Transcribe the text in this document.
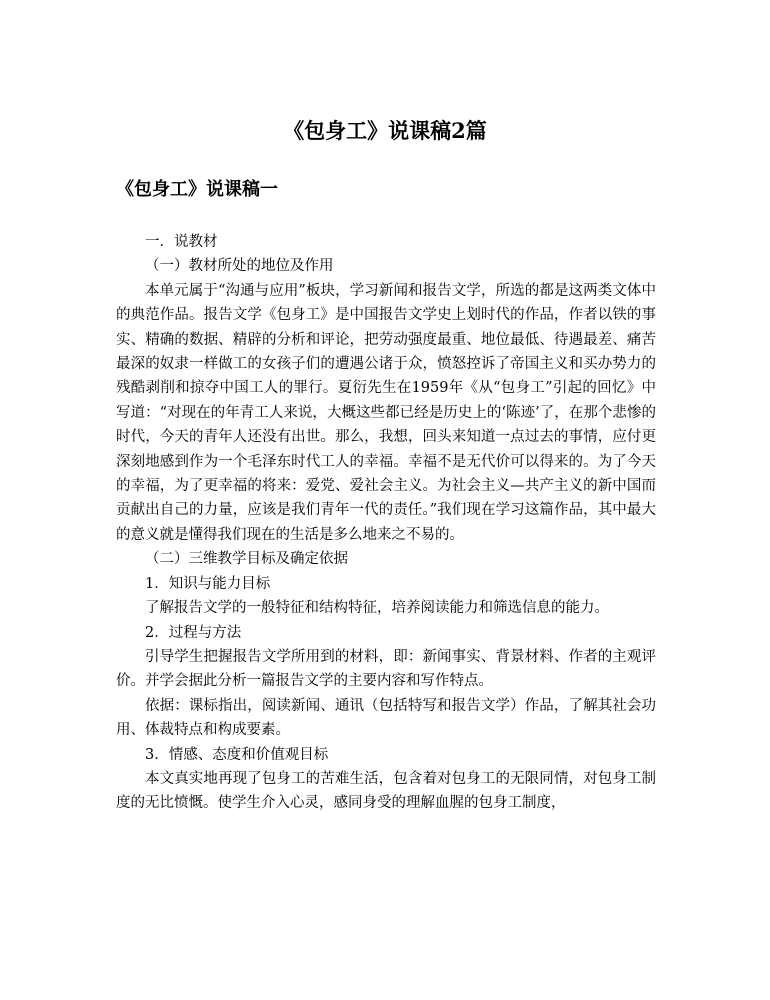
《包身工》说课稿2篇
《包身工》说课稿一

一．说教材

（一）教材所处的地位及作用

本单元属于“沟通与应用”板块，学习新闻和报告文学，所选的都是这两类文体中的典范作品。报告文学《包身工》是中国报告文学史上划时代的作品，作者以铁的事实、精确的数据、精辟的分析和评论，把劳动强度最重、地位最低、待遇最差、痛苦最深的奴隶一样做工的女孩子们的遭遇公诸于众，愤怒控诉了帝国主义和买办势力的残酷剥削和掠夺中国工人的罪行。夏衍先生在1959年《从“包身工”引起的回忆》中写道：“对现在的年青工人来说，大概这些都已经是历史上的‘陈迹’了，在那个悲惨的时代，今天的青年人还没有出世。那么，我想，回头来知道一点过去的事情，应付更深刻地感到作为一个毛泽东时代工人的幸福。幸福不是无代价可以得来的。为了今天的幸福，为了更幸福的将来：爱党、爱社会主义。为社会主义—共产主义的新中国而贡献出自己的力量，应该是我们青年一代的责任。”我们现在学习这篇作品，其中最大的意义就是懂得我们现在的生活是多么地来之不易的。

（二）三维教学目标及确定依据

1．知识与能力目标

了解报告文学的一般特征和结构特征，培养阅读能力和筛选信息的能力。

2．过程与方法

引导学生把握报告文学所用到的材料，即：新闻事实、背景材料、作者的主观评价。并学会据此分析一篇报告文学的主要内容和写作特点。

依据：课标指出，阅读新闻、通讯（包括特写和报告文学）作品，了解其社会功用、体裁特点和构成要素。

3．情感、态度和价值观目标

本文真实地再现了包身工的苦难生活，包含着对包身工的无限同情，对包身工制度的无比愤慨。使学生介入心灵，感同身受的理解血腥的包身工制度，
